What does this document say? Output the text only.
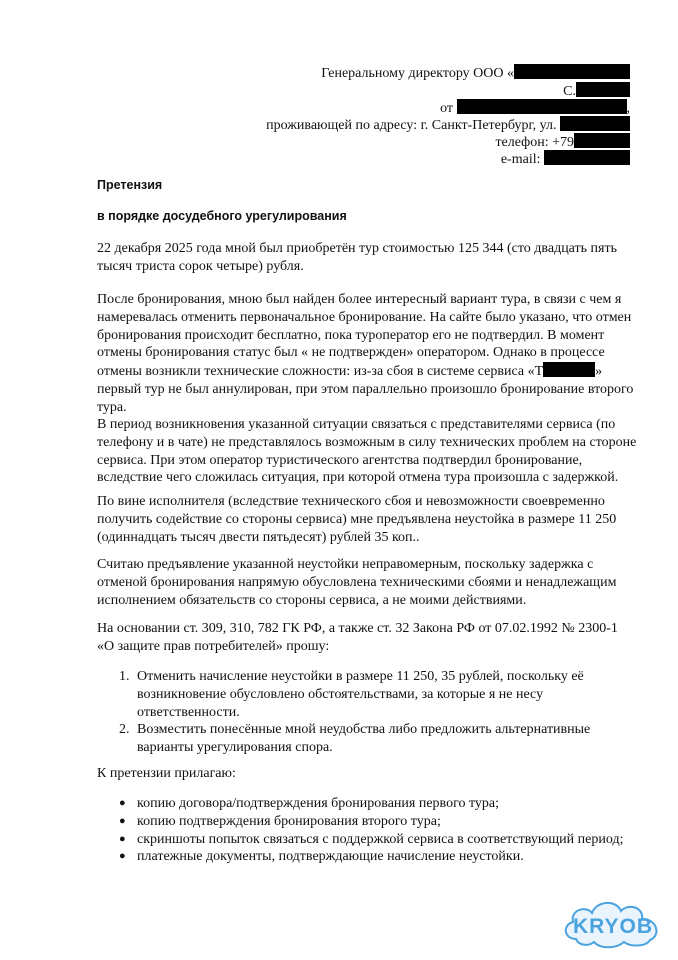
Генеральному директору ООО «
С.
от	,
проживающей по адресу: г. Санкт-Петербург, ул.
телефон: +79
e-mail:
Претензия
в порядке досудебного урегулирования

22 декабря 2025 года мной был приобретён тур стоимостью 125 344 (сто двадцать пять тысяч триста сорок четыре) рубля.

После бронирования, мною был найден более интересный вариант тура, в связи с чем я намеревалась отменить первоначальное бронирование. На сайте было указано, что отмен бронирования происходит бесплатно, пока туроператор его не подтвердил. В момент отмены бронирования статус был « не подтвержден» оператором. Однако в процессе отмены возникли технические сложности: из-за сбоя в системе сервиса «Т	» первый тур не был аннулирован, при этом параллельно произошло бронирование второго тура.

В период возникновения указанной ситуации связаться с представителями сервиса (по телефону и в чате) не представлялось возможным в силу технических проблем на стороне сервиса. При этом оператор туристического агентства подтвердил бронирование, вследствие чего сложилась ситуация, при которой отмена тура произошла с задержкой.

По вине исполнителя (вследствие технического сбоя и невозможности своевременно получить содействие со стороны сервиса) мне предъявлена неустойка в размере 11 250 (одиннадцать тысяч двести пятьдесят) рублей 35 коп..

Считаю предъявление указанной неустойки неправомерным, поскольку задержка с отменой бронирования напрямую обусловлена техническими сбоями и ненадлежащим исполнением обязательств со стороны сервиса, а не моими действиями.

На основании ст. 309, 310, 782 ГК РФ, а также ст. 32 Закона РФ от 07.02.1992 № 2300-1 «О защите прав потребителей» прошу:

1. Отменить начисление неустойки в размере 11 250, 35 рублей, поскольку её возникновение обусловлено обстоятельствами, за которые я не несу ответственности.
2. Возместить понесённые мной неудобства либо предложить альтернативные варианты урегулирования спора.

К претензии прилагаю:

● копию договора/подтверждения бронирования первого тура;
● копию подтверждения бронирования второго тура;
● скриншоты попыток связаться с поддержкой сервиса в соответствующий период;
● платежные документы, подтверждающие начисление неустойки.
KRYOB
